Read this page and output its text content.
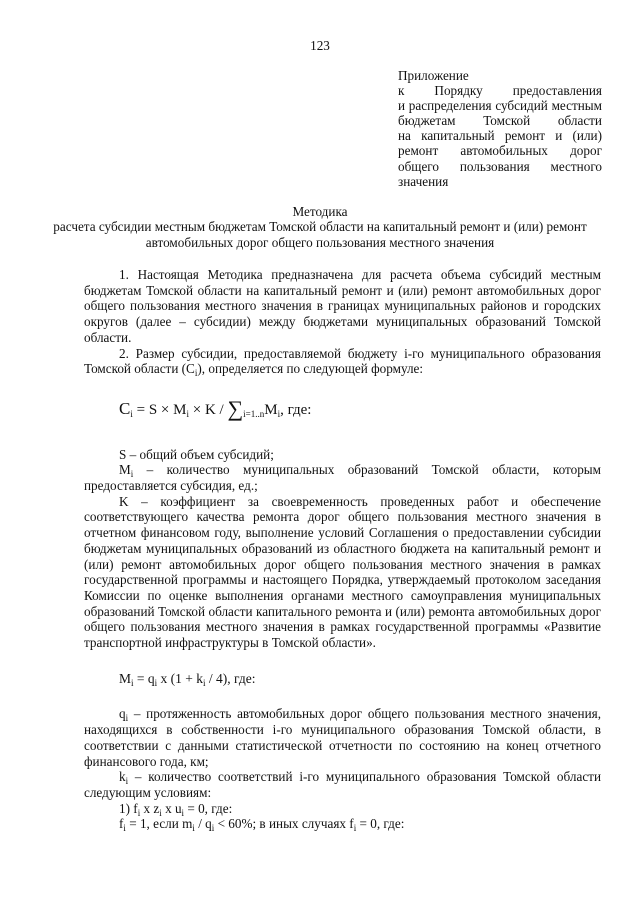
123
Приложение
к Порядку предоставления
и распределения субсидий местным
бюджетам Томской области
на капитальный ремонт и (или)
ремонт автомобильных дорог
общего пользования местного
значения
Методика
расчета субсидии местным бюджетам Томской области на капитальный ремонт и (или) ремонт автомобильных дорог общего пользования местного значения

1. Настоящая Методика предназначена для расчета объема субсидий местным бюджетам Томской области на капитальный ремонт и (или) ремонт автомобильных дорог общего пользования местного значения в границах муниципальных районов и городских округов (далее – субсидии) между бюджетами муниципальных образований Томской области.

2. Размер субсидии, предоставляемой бюджету i-го муниципального образования Томской области $(С_i)$, определяется по следующей формуле:

$C_i = S \times M_i \times K / \sum_{i=1..n}M_i$, где:

S – общий объем субсидий;

$M_i$ – количество муниципальных образований Томской области, которым предоставляется субсидия, ед.;

K – коэффициент за своевременность проведенных работ и обеспечение соответствующего качества ремонта дорог общего пользования местного значения в отчетном финансовом году, выполнение условий Соглашения о предоставлении субсидии бюджетам муниципальных образований из областного бюджета на капитальный ремонт и (или) ремонт автомобильных дорог общего пользования местного значения в рамках государственной программы и настоящего Порядка, утверждаемый протоколом заседания Комиссии по оценке выполнения органами местного самоуправления муниципальных образований Томской области капитального ремонта и (или) ремонта автомобильных дорог общего пользования местного значения в рамках государственной программы «Развитие транспортной инфраструктуры в Томской области».

$M_i = q_i$ x $(1 + k_i / 4)$, где:

$q_i$ – протяженность автомобильных дорог общего пользования местного значения, находящихся в собственности i-го муниципального образования Томской области, в соответствии с данными статистической отчетности по состоянию на конец отчетного финансового года, км;

$k_i$ – количество соответствий i-го муниципального образования Томской области следующим условиям:

1) $f_i$ x $z_i$ x $u_i = 0$, где:

$f_i = 1$, если $m_i / q_i < 60\%$; в иных случаях $f_i = 0$, где:
